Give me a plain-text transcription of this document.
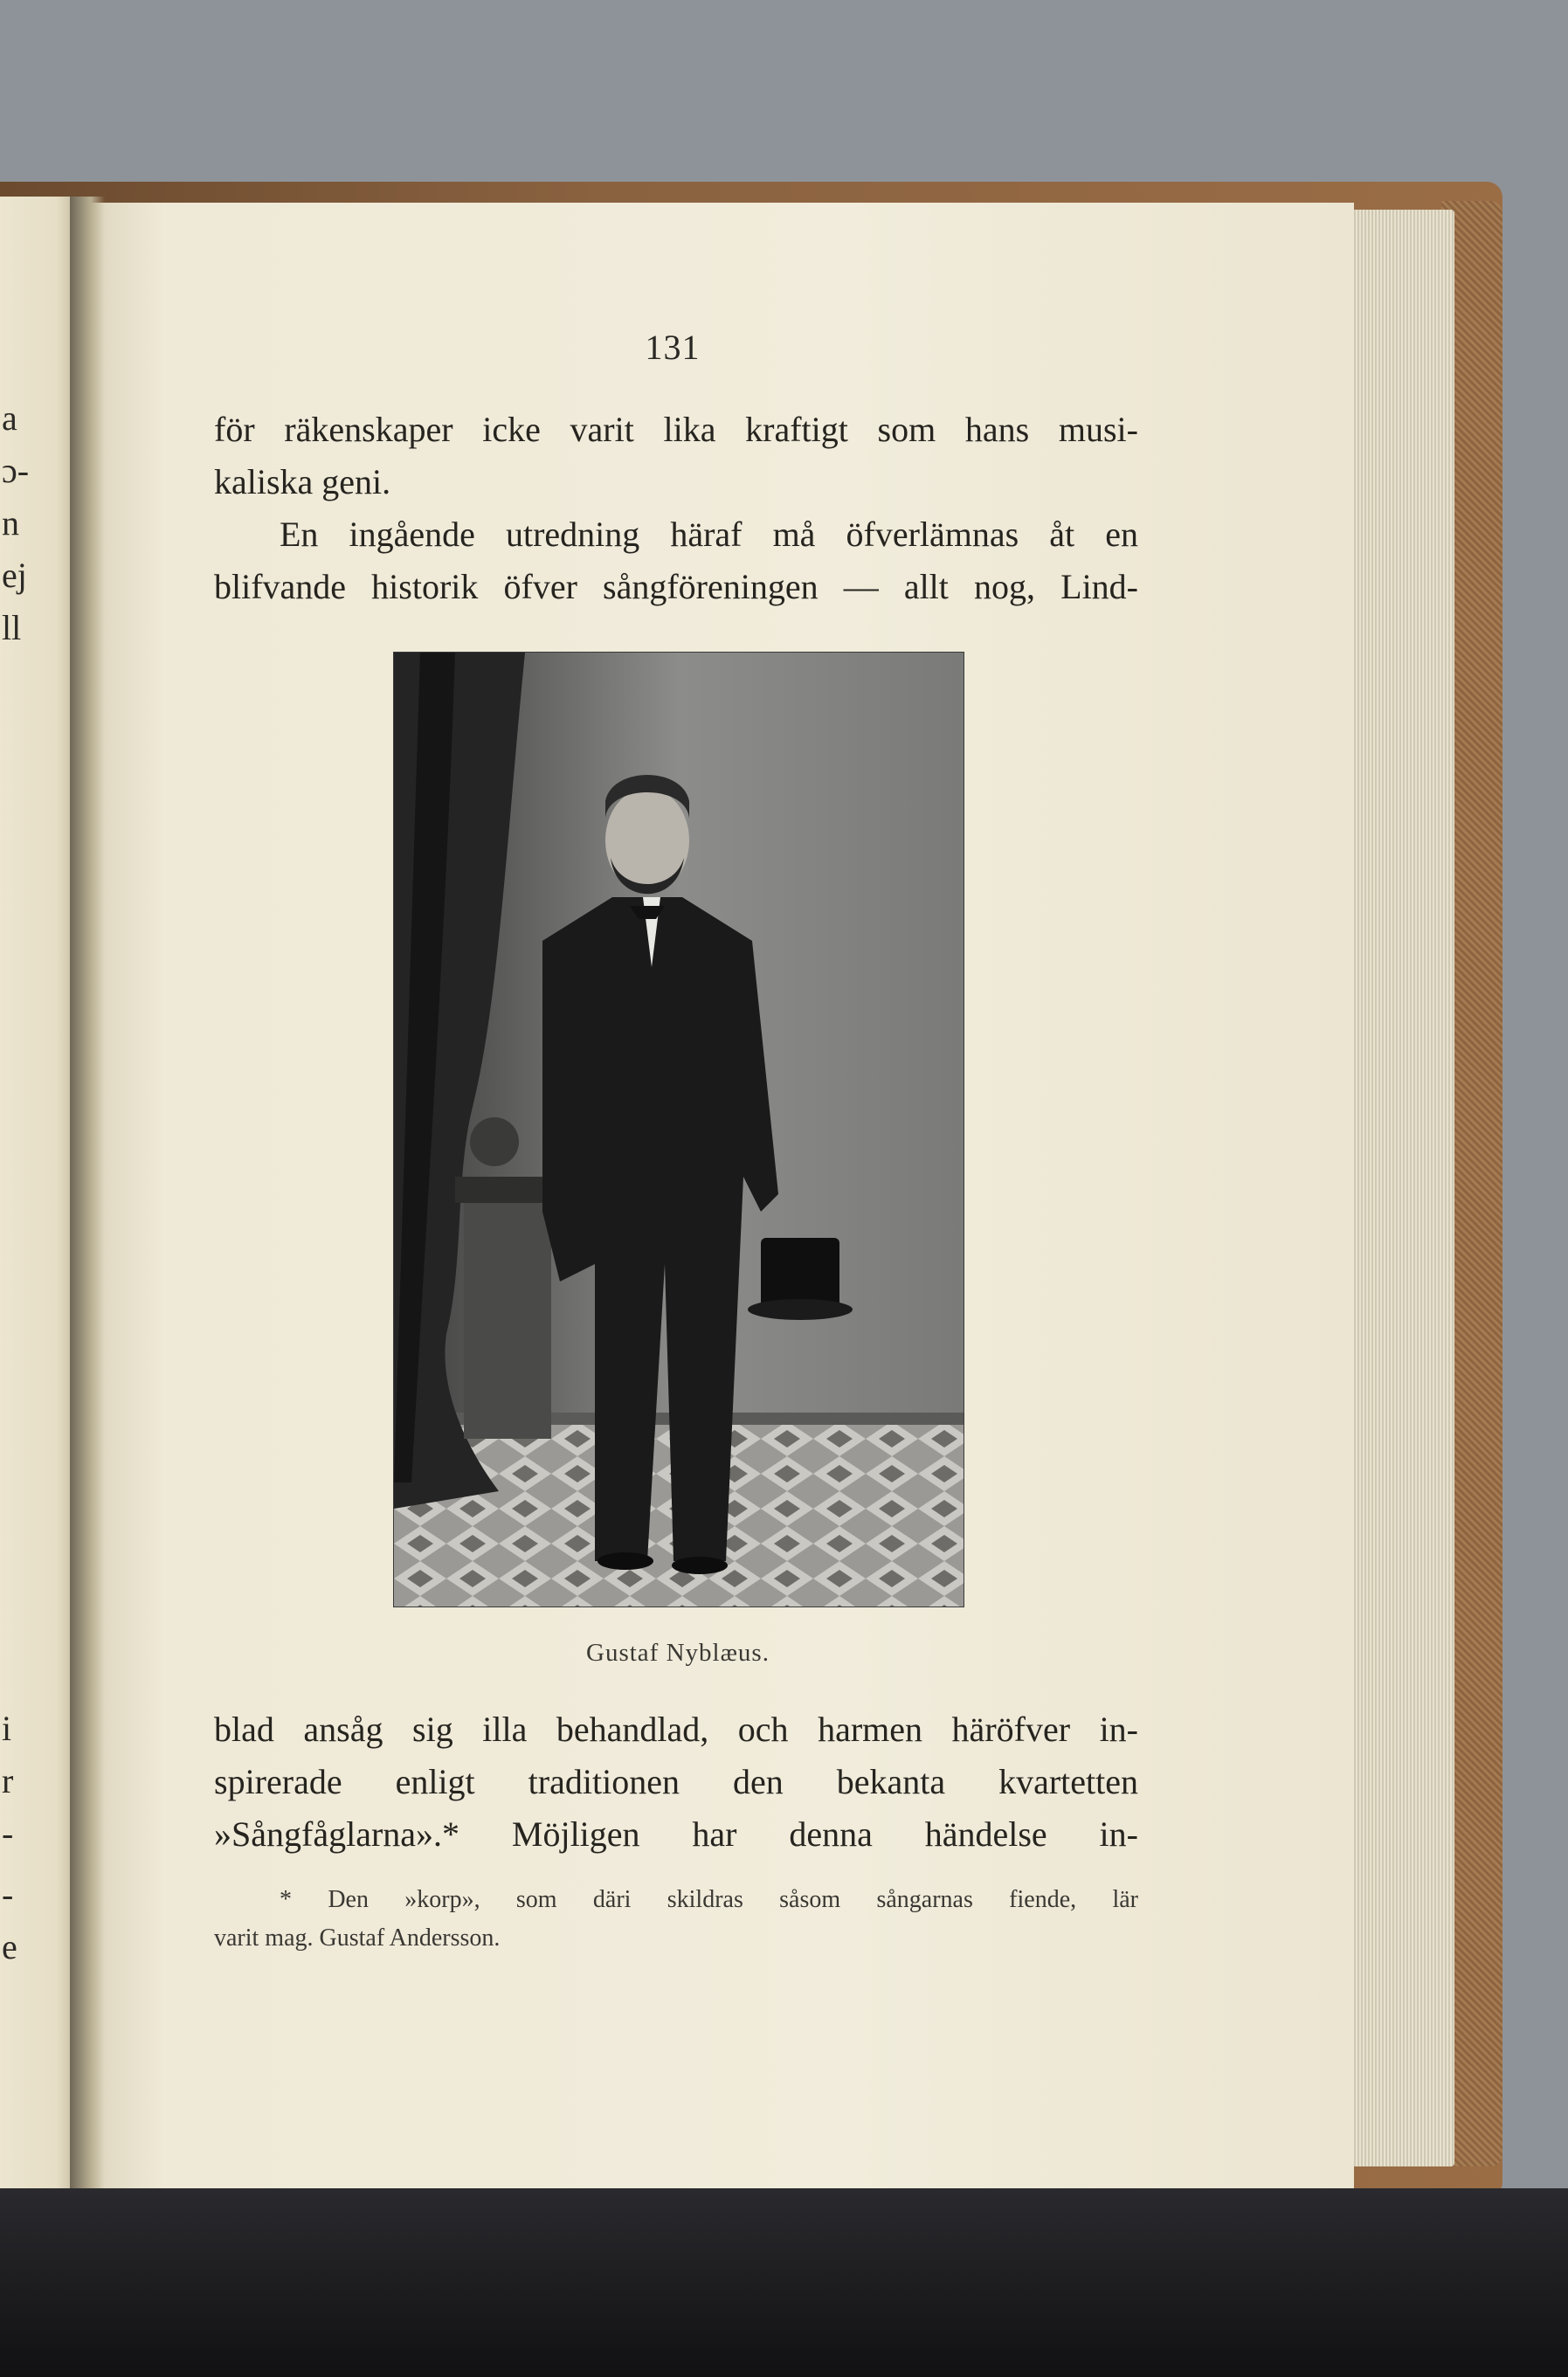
a
ɔ-
n
ej
ll
i
r
-
-
e
131
för räkenskaper icke varit lika kraftigt som hans musi-
kaliska geni.
En ingående utredning häraf må öfverlämnas åt en
blifvande historik öfver sångföreningen — allt nog, Lind-
Gustaf Nyblæus.
blad ansåg sig illa behandlad, och harmen häröfver in-
spirerade enligt traditionen den bekanta kvartetten
»Sångfåglarna».* Möjligen har denna händelse in-
* Den »korp», som däri skildras såsom sångarnas fiende, lär
varit mag. Gustaf Andersson.
